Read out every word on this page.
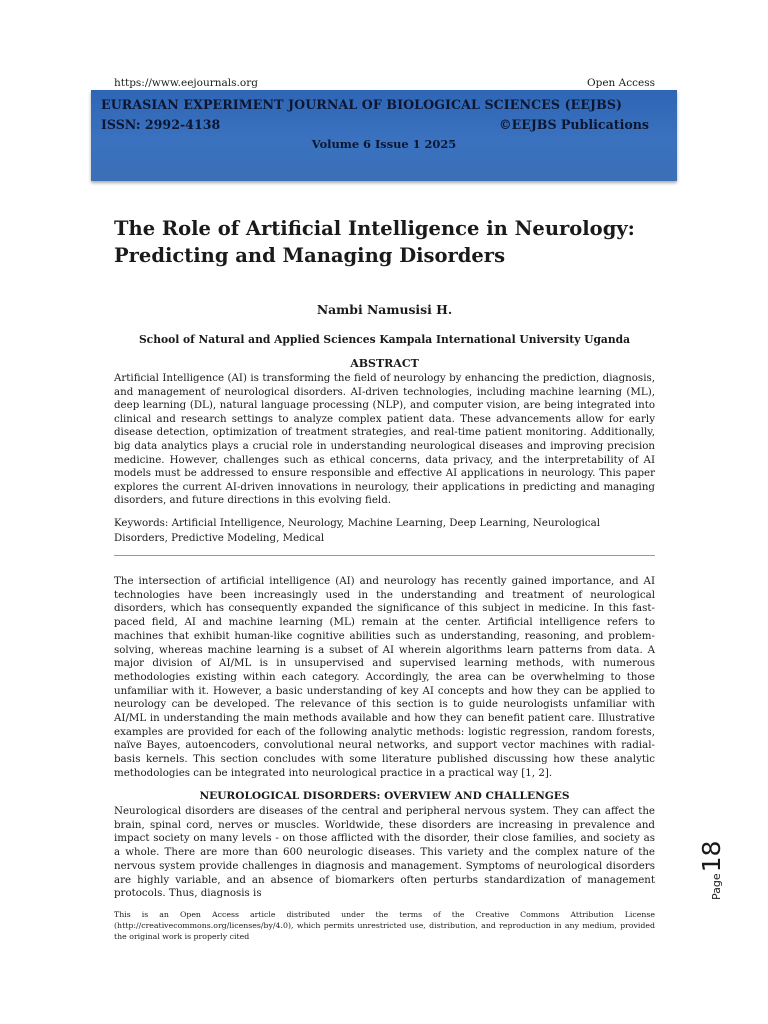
https://www.eejournals.org	Open Access
EURASIAN EXPERIMENT JOURNAL OF BIOLOGICAL SCIENCES (EEJBS)
ISSN: 2992-4138	©EEJBS Publications
Volume 6 Issue 1 2025
The Role of Artificial Intelligence in Neurology: Predicting and Managing Disorders
Nambi Namusisi H.
School of Natural and Applied Sciences Kampala International University Uganda
ABSTRACT

Artificial Intelligence (AI) is transforming the field of neurology by enhancing the prediction, diagnosis, and management of neurological disorders. AI-driven technologies, including machine learning (ML), deep learning (DL), natural language processing (NLP), and computer vision, are being integrated into clinical and research settings to analyze complex patient data. These advancements allow for early disease detection, optimization of treatment strategies, and real-time patient monitoring. Additionally, big data analytics plays a crucial role in understanding neurological diseases and improving precision medicine. However, challenges such as ethical concerns, data privacy, and the interpretability of AI models must be addressed to ensure responsible and effective AI applications in neurology. This paper explores the current AI-driven innovations in neurology, their applications in predicting and managing disorders, and future directions in this evolving field.

Keywords: Artificial Intelligence, Neurology, Machine Learning, Deep Learning, Neurological Disorders, Predictive Modeling, Medical

The intersection of artificial intelligence (AI) and neurology has recently gained importance, and AI technologies have been increasingly used in the understanding and treatment of neurological disorders, which has consequently expanded the significance of this subject in medicine. In this fast-paced field, AI and machine learning (ML) remain at the center. Artificial intelligence refers to machines that exhibit human-like cognitive abilities such as understanding, reasoning, and problem-solving, whereas machine learning is a subset of AI wherein algorithms learn patterns from data. A major division of AI/ML is in unsupervised and supervised learning methods, with numerous methodologies existing within each category. Accordingly, the area can be overwhelming to those unfamiliar with it. However, a basic understanding of key AI concepts and how they can be applied to neurology can be developed. The relevance of this section is to guide neurologists unfamiliar with AI/ML in understanding the main methods available and how they can benefit patient care. Illustrative examples are provided for each of the following analytic methods: logistic regression, random forests, naïve Bayes, autoencoders, convolutional neural networks, and support vector machines with radial-basis kernels. This section concludes with some literature published discussing how these analytic methodologies can be integrated into neurological practice in a practical way [1, 2].

NEUROLOGICAL DISORDERS: OVERVIEW AND CHALLENGES

Neurological disorders are diseases of the central and peripheral nervous system. They can affect the brain, spinal cord, nerves or muscles. Worldwide, these disorders are increasing in prevalence and impact society on many levels - on those afflicted with the disorder, their close families, and society as a whole. There are more than 600 neurologic diseases. This variety and the complex nature of the nervous system provide challenges in diagnosis and management. Symptoms of neurological disorders are highly variable, and an absence of biomarkers often perturbs standardization of management protocols. Thus, diagnosis is

This is an Open Access article distributed under the terms of the Creative Commons Attribution License (http://creativecommons.org/licenses/by/4.0), which permits unrestricted use, distribution, and reproduction in any medium, provided the original work is properly cited

Page
18
